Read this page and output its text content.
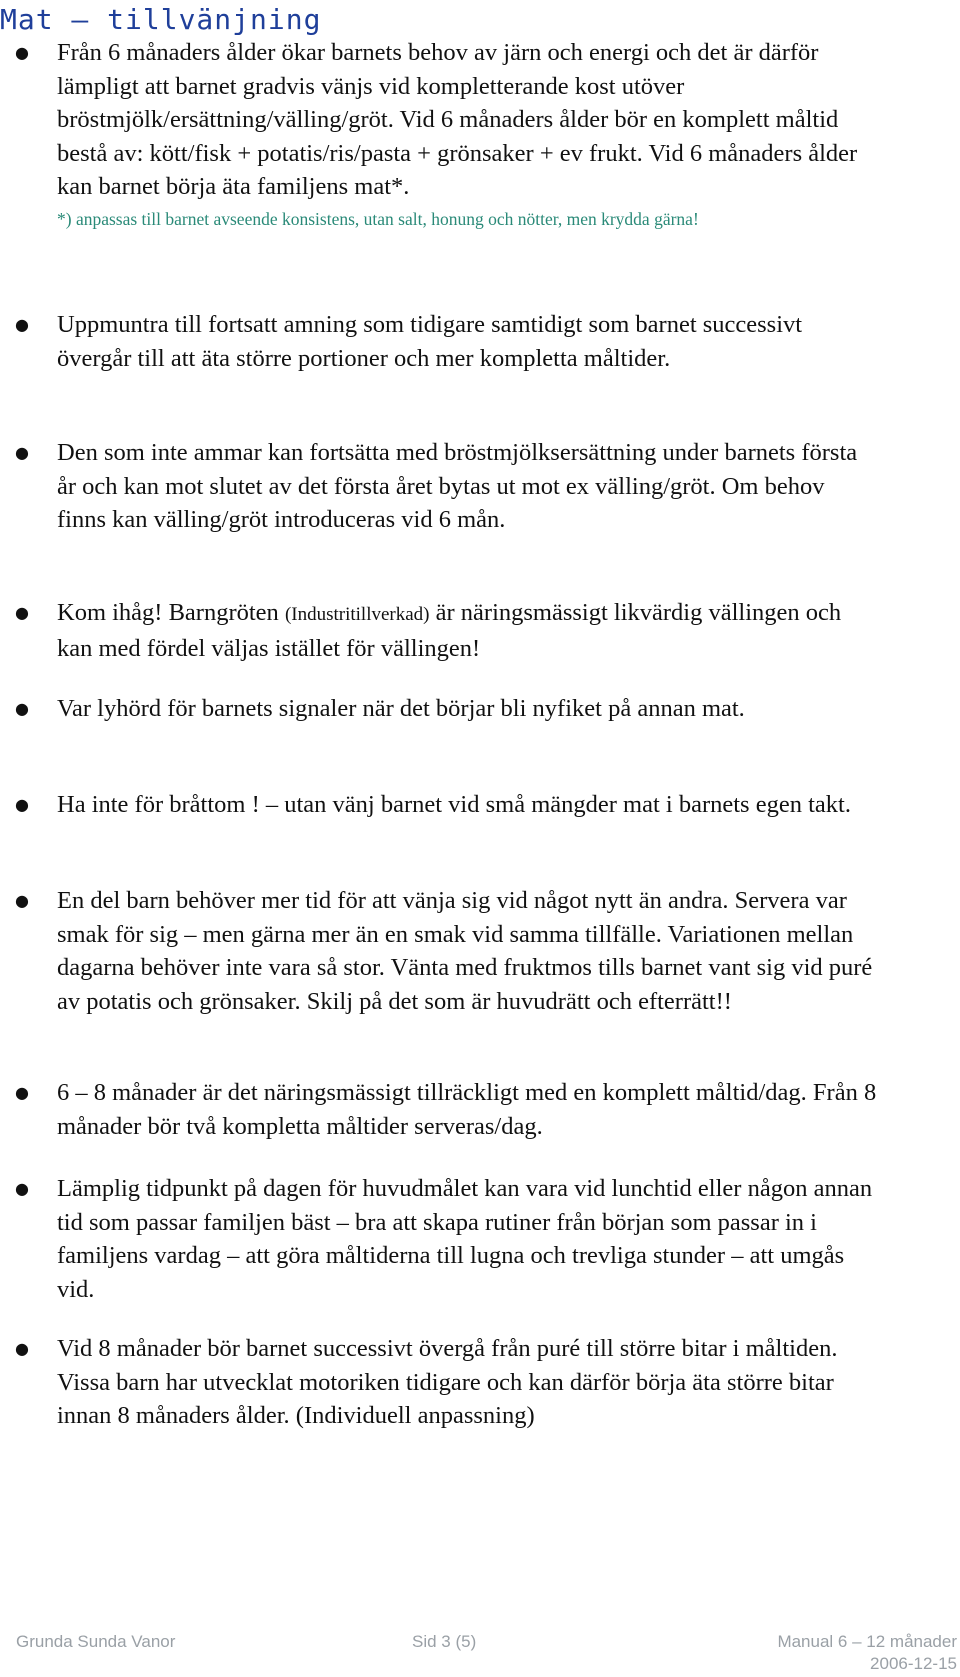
Mat – tillvänjning
● Från 6 månaders ålder ökar barnets behov av järn och energi och det är därför lämpligt att barnet gradvis vänjs vid kompletterande kost utöver bröstmjölk/ersättning/välling/gröt. Vid 6 månaders ålder bör en komplett måltid bestå av: kött/fisk + potatis/ris/pasta + grönsaker + ev frukt. Vid 6 månaders ålder kan barnet börja äta familjens mat*.
*) anpassas till barnet avseende konsistens, utan salt, honung och nötter, men krydda gärna!
● Uppmuntra till fortsatt amning som tidigare samtidigt som barnet successivt övergår till att äta större portioner och mer kompletta måltider.
● Den som inte ammar kan fortsätta med bröstmjölksersättning under barnets första år och kan mot slutet av det första året bytas ut mot ex välling/gröt. Om behov finns kan välling/gröt introduceras vid 6 mån.
● Kom ihåg! Barngröten (Industritillverkad) är näringsmässigt likvärdig vällingen och kan med fördel väljas istället för vällingen!
● Var lyhörd för barnets signaler när det börjar bli nyfiket på annan mat.
● Ha inte för bråttom ! – utan vänj barnet vid små mängder mat i barnets egen takt.
● En del barn behöver mer tid för att vänja sig vid något nytt än andra. Servera var smak för sig – men gärna mer än en smak vid samma tillfälle. Variationen mellan dagarna behöver inte vara så stor. Vänta med fruktmos tills barnet vant sig vid puré av potatis och grönsaker. Skilj på det som är huvudrätt och efterrätt!!
● 6 – 8 månader är det näringsmässigt tillräckligt med en komplett måltid/dag. Från 8 månader bör två kompletta måltider serveras/dag.
● Lämplig tidpunkt på dagen för huvudmålet kan vara vid lunchtid eller någon annan tid som passar familjen bäst – bra att skapa rutiner från början som passar in i familjens vardag – att göra måltiderna till lugna och trevliga stunder – att umgås vid.
● Vid 8 månader bör barnet successivt övergå från puré till större bitar i måltiden. Vissa barn har utvecklat motoriken tidigare och kan därför börja äta större bitar innan 8 månaders ålder. (Individuell anpassning)
Grunda Sunda Vanor	Sid 3 (5)	Manual 6 – 12 månader
2006-12-15
